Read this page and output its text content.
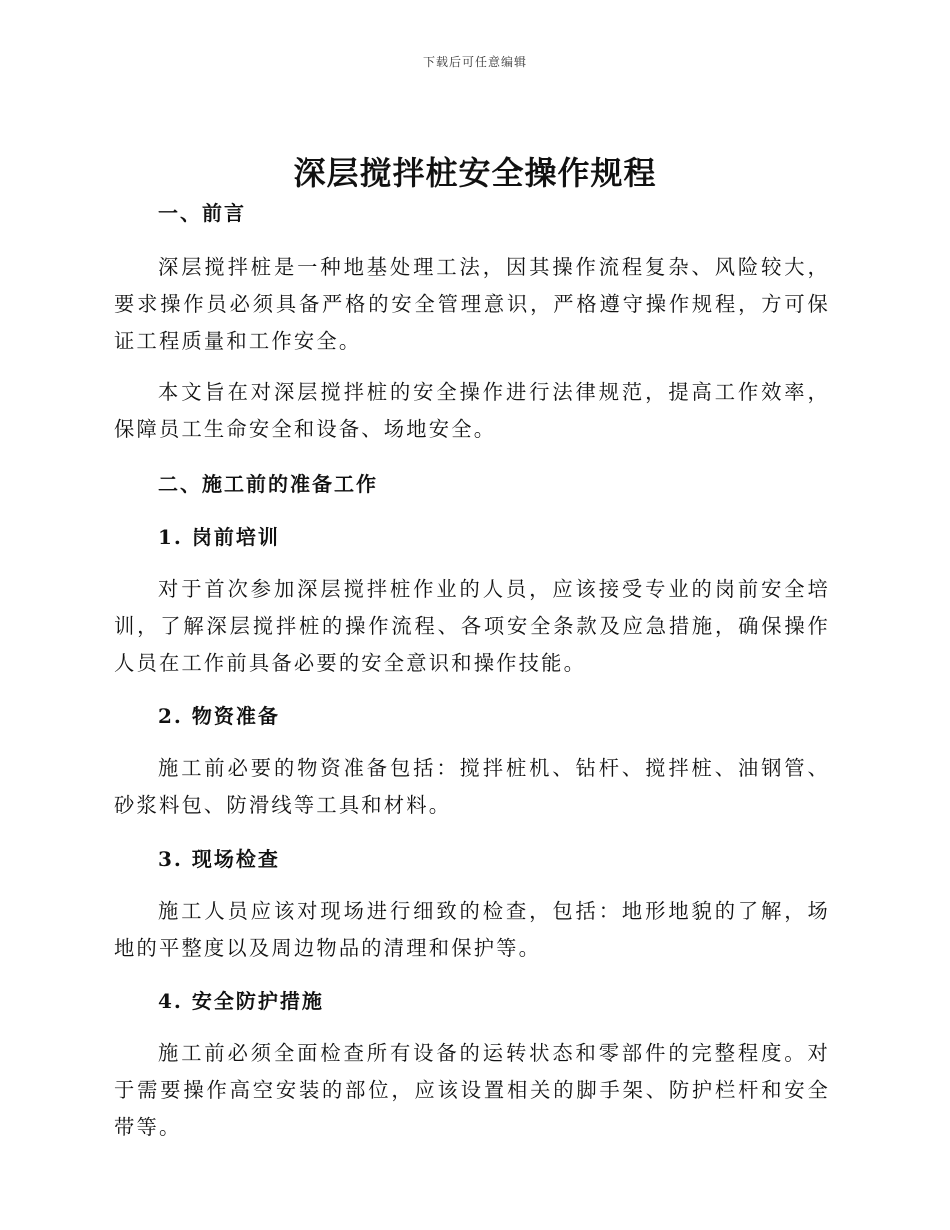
下载后可任意编辑
深层搅拌桩安全操作规程
一、前言

深层搅拌桩是一种地基处理工法，因其操作流程复杂、风险较大，要求操作员必须具备严格的安全管理意识，严格遵守操作规程，方可保证工程质量和工作安全。

本文旨在对深层搅拌桩的安全操作进行法律规范，提高工作效率，保障员工生命安全和设备、场地安全。

二、施工前的准备工作
1. 岗前培训

对于首次参加深层搅拌桩作业的人员，应该接受专业的岗前安全培训，了解深层搅拌桩的操作流程、各项安全条款及应急措施，确保操作人员在工作前具备必要的安全意识和操作技能。

2. 物资准备

施工前必要的物资准备包括：搅拌桩机、钻杆、搅拌桩、油钢管、砂浆料包、防滑线等工具和材料。

3. 现场检查

施工人员应该对现场进行细致的检查，包括：地形地貌的了解，场地的平整度以及周边物品的清理和保护等。

4. 安全防护措施

施工前必须全面检查所有设备的运转状态和零部件的完整程度。对于需要操作高空安装的部位，应该设置相关的脚手架、防护栏杆和安全带等。
